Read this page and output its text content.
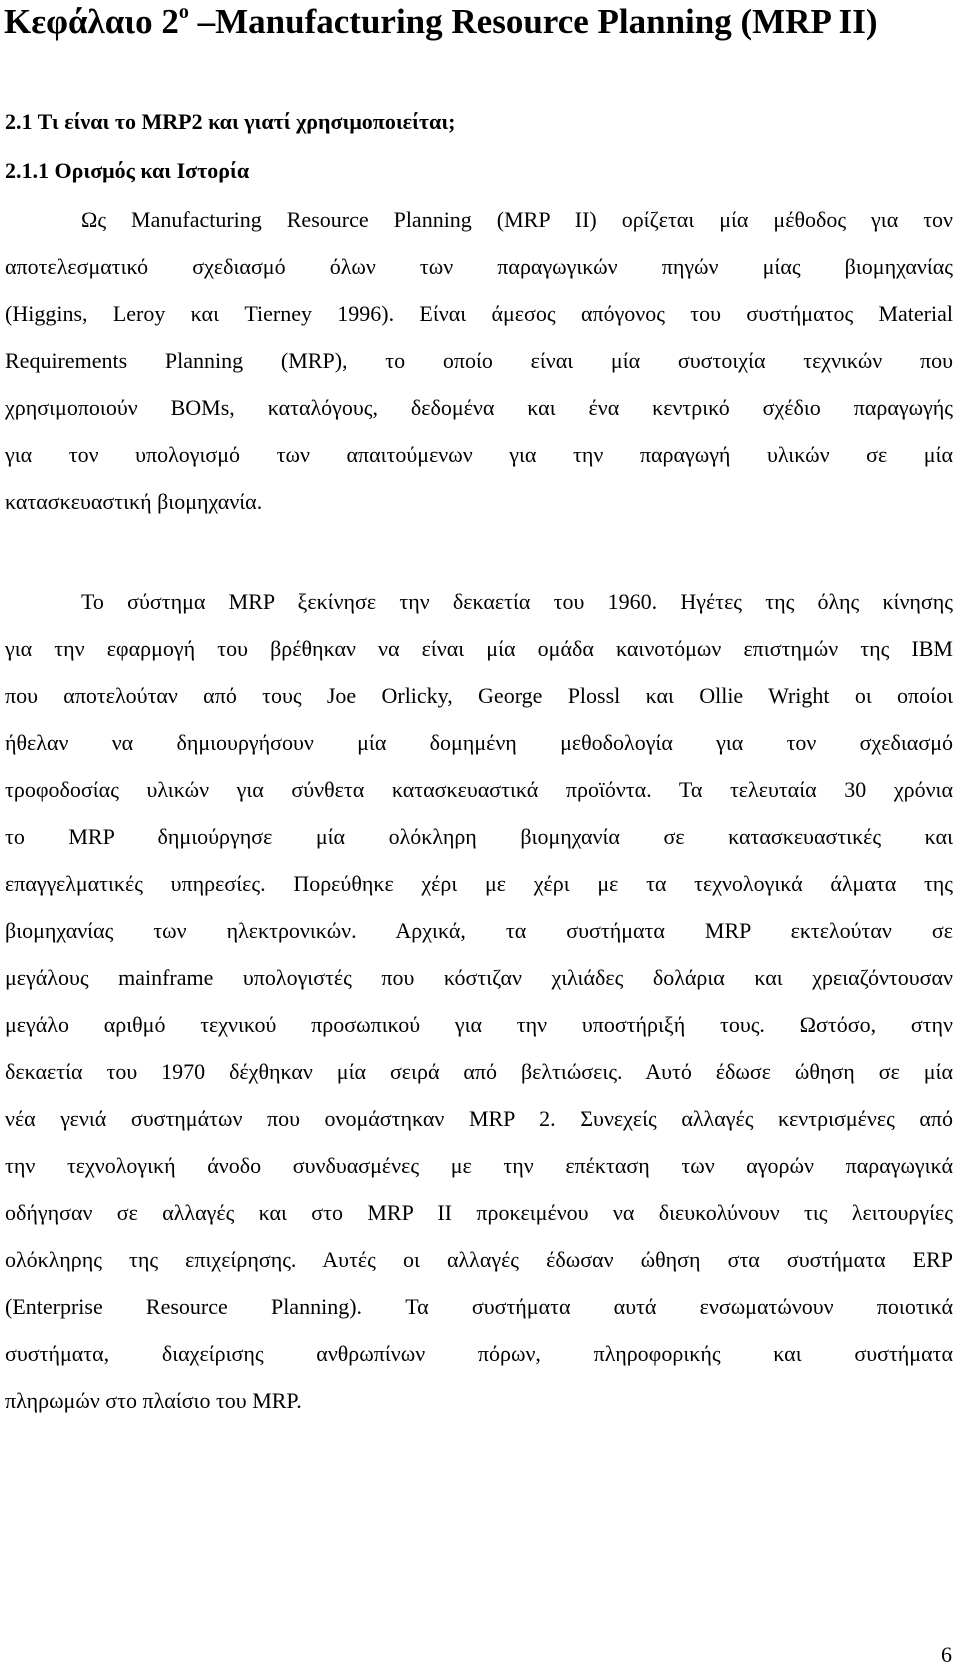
Κεφάλαιο $2^o$ –Manufacturing Resource Planning (MRP II)
2.1 Τι είναι το MRP2 και γιατί χρησιμοποιείται;
2.1.1 Ορισμός και Ιστορία
Ως Manufacturing Resource Planning (MRP II) ορίζεται μία μέθοδος για τον
αποτελεσματικό σχεδιασμό όλων των παραγωγικών πηγών μίας βιομηχανίας
(Higgins, Leroy και Tierney 1996). Είναι άμεσος απόγονος του συστήματος Material
Requirements Planning (MRP), το οποίο είναι μία συστοιχία τεχνικών που
χρησιμοποιούν BOMs, καταλόγους, δεδομένα και ένα κεντρικό σχέδιο παραγωγής
για τον υπολογισμό των απαιτούμενων για την παραγωγή υλικών σε μία
κατασκευαστική βιομηχανία.
Το σύστημα MRP ξεκίνησε την δεκαετία του 1960. Ηγέτες της όλης κίνησης
για την εφαρμογή του βρέθηκαν να είναι μία ομάδα καινοτόμων επιστημών της IBM
που αποτελούταν από τους Joe Orlicky, George Plossl και Ollie Wright οι οποίοι
ήθελαν να δημιουργήσουν μία δομημένη μεθοδολογία για τον σχεδιασμό
τροφοδοσίας υλικών για σύνθετα κατασκευαστικά προϊόντα. Τα τελευταία 30 χρόνια
το MRP δημιούργησε μία ολόκληρη βιομηχανία σε κατασκευαστικές και
επαγγελματικές υπηρεσίες. Πορεύθηκε χέρι με χέρι με τα τεχνολογικά άλματα της
βιομηχανίας των ηλεκτρονικών. Αρχικά, τα συστήματα MRP εκτελούταν σε
μεγάλους mainframe υπολογιστές που κόστιζαν χιλιάδες δολάρια και χρειαζόντουσαν
μεγάλο αριθμό τεχνικού προσωπικού για την υποστήριξή τους. Ωστόσο, στην
δεκαετία του 1970 δέχθηκαν μία σειρά από βελτιώσεις. Αυτό έδωσε ώθηση σε μία
νέα γενιά συστημάτων που ονομάστηκαν MRP 2. Συνεχείς αλλαγές κεντρισμένες από
την τεχνολογική άνοδο συνδυασμένες με την επέκταση των αγορών παραγωγικά
οδήγησαν σε αλλαγές και στο MRP II προκειμένου να διευκολύνουν τις λειτουργίες
ολόκληρης της επιχείρησης. Αυτές οι αλλαγές έδωσαν ώθηση στα συστήματα ERP
(Enterprise Resource Planning). Τα συστήματα αυτά ενσωματώνουν ποιοτικά
συστήματα, διαχείρισης ανθρωπίνων πόρων, πληροφορικής και συστήματα
πληρωμών στο πλαίσιο του MRP.
6
